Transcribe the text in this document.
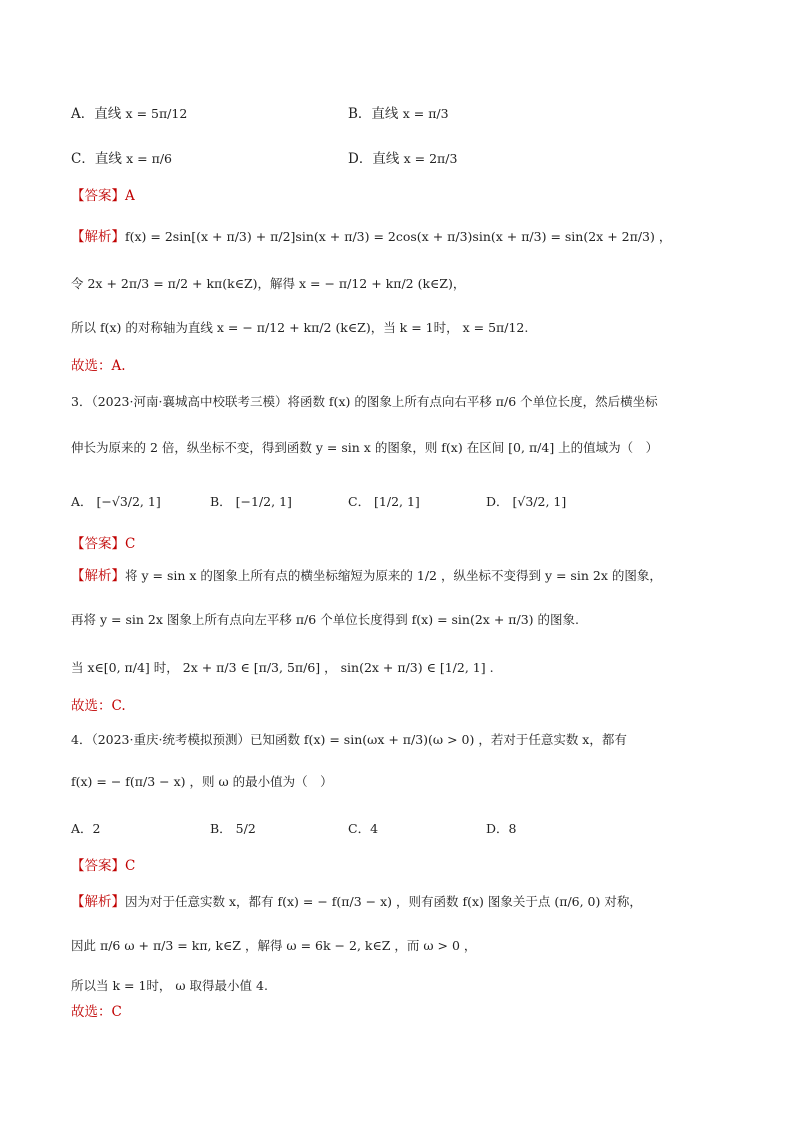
A．直线 x = 5π/12	B．直线 x = π/3
C．直线 x = π/6	D．直线 x = 2π/3
【答案】A
【解析】f(x) = 2sin[(x + π/3) + π/2]sin(x + π/3) = 2cos(x + π/3)sin(x + π/3) = sin(2x + 2π/3) ，
令 2x + 2π/3 = π/2 + kπ(k∈Z)，解得 x = − π/12 + kπ/2 (k∈Z)，
所以 f(x) 的对称轴为直线 x = − π/12 + kπ/2 (k∈Z)，当 k = 1时， x = 5π/12.
故选：A.
3．（2023·河南·襄城高中校联考三模）将函数 f(x) 的图象上所有点向右平移 π/6 个单位长度，然后横坐标
伸长为原来的 2 倍，纵坐标不变，得到函数 y = sin x 的图象，则 f(x) 在区间 [0, π/4] 上的值域为（　）
A． [−√3/2, 1]	B． [−1/2, 1]	C． [1/2, 1]	D． [√3/2, 1]
【答案】C
【解析】将 y = sin x 的图象上所有点的横坐标缩短为原来的 1/2 ，纵坐标不变得到 y = sin 2x 的图象，
再将 y = sin 2x 图象上所有点向左平移 π/6 个单位长度得到 f(x) = sin(2x + π/3) 的图象.
当 x∈[0, π/4] 时， 2x + π/3 ∈ [π/3, 5π/6] ， sin(2x + π/3) ∈ [1/2, 1] .
故选：C.
4．（2023·重庆·统考模拟预测）已知函数 f(x) = sin(ωx + π/3)(ω > 0) ，若对于任意实数 x，都有
f(x) = − f(π/3 − x) ，则 ω 的最小值为（　）
A．2	B． 5/2	C．4	D．8
【答案】C
【解析】因为对于任意实数 x，都有 f(x) = − f(π/3 − x) ，则有函数 f(x) 图象关于点 (π/6, 0) 对称，
因此 π/6 ω + π/3 = kπ, k∈Z ，解得 ω = 6k − 2, k∈Z ，而 ω > 0 ，
所以当 k = 1时， ω 取得最小值 4.
故选：C
